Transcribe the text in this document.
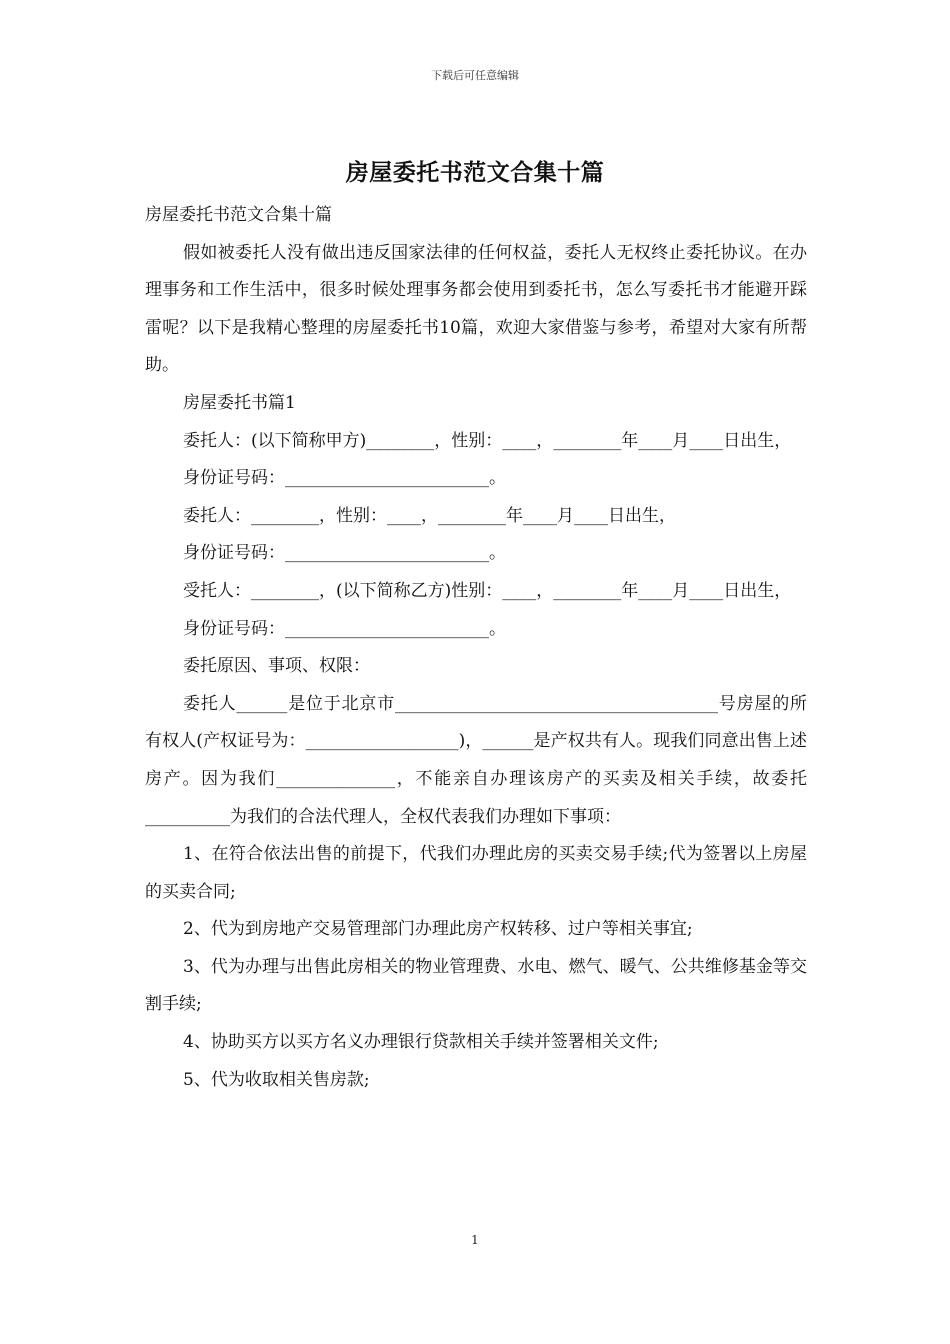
下载后可任意编辑
房屋委托书范文合集十篇

房屋委托书范文合集十篇

假如被委托人没有做出违反国家法律的任何权益，委托人无权终止委托协议。在办理事务和工作生活中，很多时候处理事务都会使用到委托书，怎么写委托书才能避开踩雷呢？以下是我精心整理的房屋委托书10篇，欢迎大家借鉴与参考，希望对大家有所帮助。

房屋委托书篇1

委托人：(以下简称甲方)________，性别：____，________年____月____日出生，

身份证号码：________________________。

委托人：________，性别：____，________年____月____日出生，

身份证号码：________________________。

受托人：________，(以下简称乙方)性别：____，________年____月____日出生，

身份证号码：________________________。

委托原因、事项、权限：

委托人______是位于北京市______________________________________号房屋的所有权人(产权证号为：__________________)，______是产权共有人。现我们同意出售上述房产。因为我们______________，不能亲自办理该房产的买卖及相关手续，故委托__________为我们的合法代理人，全权代表我们办理如下事项：

1、在符合依法出售的前提下，代我们办理此房的买卖交易手续;代为签署以上房屋的买卖合同;

2、代为到房地产交易管理部门办理此房产权转移、过户等相关事宜;

3、代为办理与出售此房相关的物业管理费、水电、燃气、暖气、公共维修基金等交割手续;

4、协助买方以买方名义办理银行贷款相关手续并签署相关文件;

5、代为收取相关售房款;

1
